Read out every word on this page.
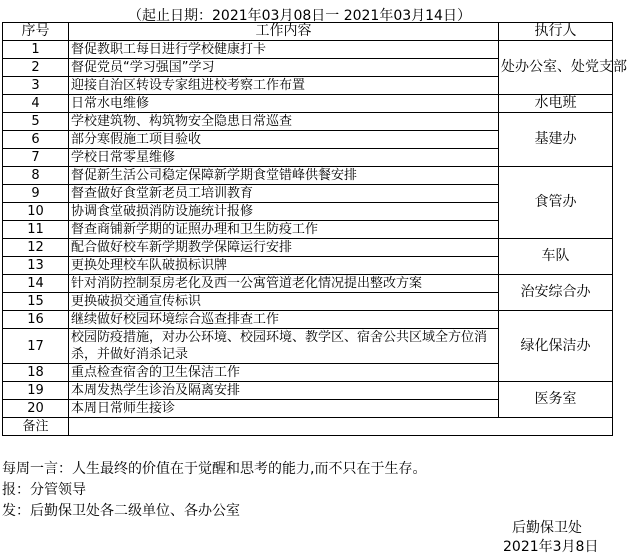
（起止日期：2021年03月08日一 2021年03月14日）
序号	工作内容	执行人
1	督促教职工每日进行学校健康打卡	处办公室、处党支部
2	督促党员“学习强国”学习	
3	迎接自治区转设专家组进校考察工作布置	
4	日常水电维修	水电班
5	学校建筑物、构筑物安全隐患日常巡查	基建办
6	部分寒假施工项目验收	
7	学校日常零星维修	
8	督促新生活公司稳定保障新学期食堂错峰供餐安排	食管办
9	督查做好食堂新老员工培训教育	
10	协调食堂破损消防设施统计报修	
11	督查商铺新学期的证照办理和卫生防疫工作	
12	配合做好校车新学期教学保障运行安排	车队
13	更换处理校车队破损标识牌	
14	针对消防控制泵房老化及西一公寓管道老化情况提出整改方案	治安综合办
15	更换破损交通宣传标识	
16	继续做好校园环境综合巡查排查工作	绿化保洁办
17	校园防疫措施，对办公环境、校园环境、教学区、宿舍公共区域全方位消杀，并做好消杀记录	
18	重点检查宿舍的卫生保洁工作	
19	本周发热学生诊治及隔离安排	医务室
20	本周日常师生接诊	
备注		
每周一言：人生最终的价值在于觉醒和思考的能力,而不只在于生存。
报：分管领导
发：后勤保卫处各二级单位、各办公室
后勤保卫处
2021年3月8日
